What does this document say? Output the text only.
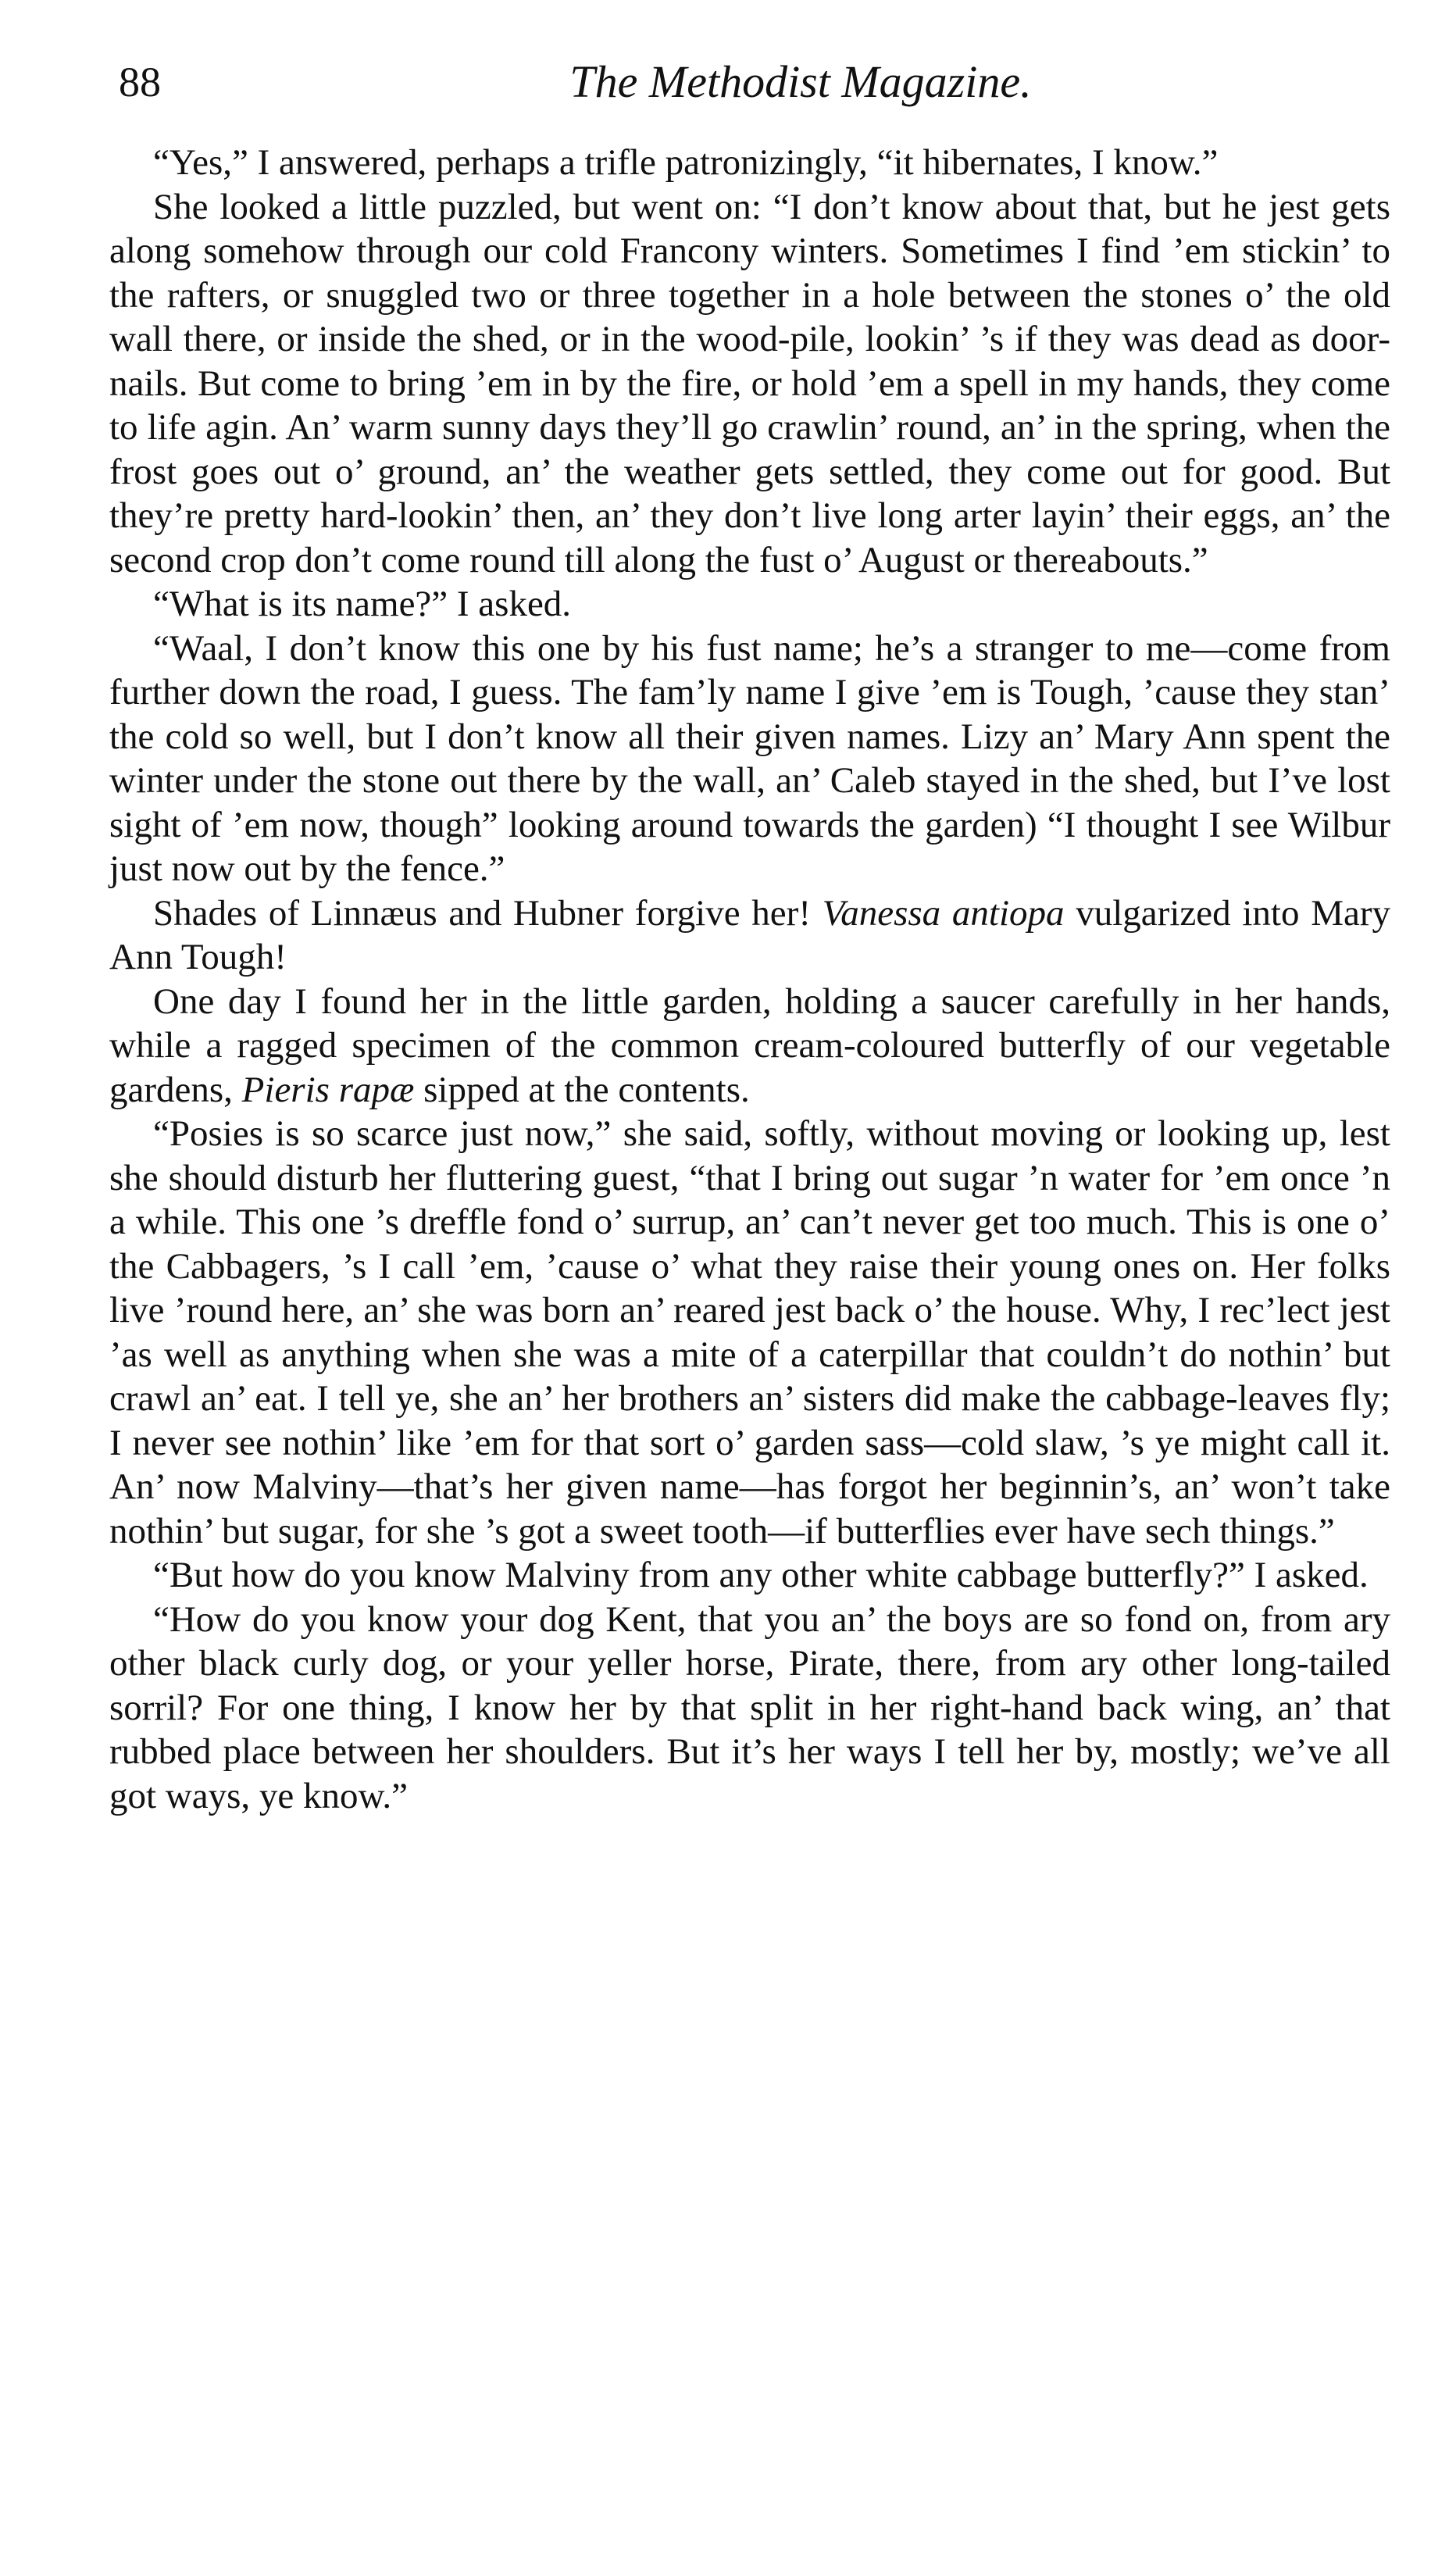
88	The Methodist Magazine.

“Yes,” I answered, perhaps a trifle patronizingly, “it hibernates, I know.”

She looked a little puzzled, but went on: “I don’t know about that, but he jest gets along somehow through our cold Francony winters. Sometimes I find ’em stickin’ to the rafters, or snuggled two or three together in a hole between the stones o’ the old wall there, or inside the shed, or in the wood-pile, lookin’ ’s if they was dead as door-nails. But come to bring ’em in by the fire, or hold ’em a spell in my hands, they come to life agin. An’ warm sunny days they’ll go crawlin’ round, an’ in the spring, when the frost goes out o’ ground, an’ the weather gets settled, they come out for good. But they’re pretty hard-lookin’ then, an’ they don’t live long arter layin’ their eggs, an’ the second crop don’t come round till along the fust o’ August or thereabouts.”

“What is its name?” I asked.

“Waal, I don’t know this one by his fust name; he’s a stranger to me—come from further down the road, I guess. The fam’ly name I give ’em is Tough, ’cause they stan’ the cold so well, but I don’t know all their given names. Lizy an’ Mary Ann spent the winter under the stone out there by the wall, an’ Caleb stayed in the shed, but I’ve lost sight of ’em now, though” looking around towards the garden) “I thought I see Wilbur just now out by the fence.”

Shades of Linnæus and Hubner forgive her! Vanessa antiopa vulgarized into Mary Ann Tough!

One day I found her in the little garden, holding a saucer carefully in her hands, while a ragged specimen of the common cream-coloured butterfly of our vegetable gardens, Pieris rapæ sipped at the contents.

“Posies is so scarce just now,” she said, softly, without moving or looking up, lest she should disturb her fluttering guest, “that I bring out sugar ’n water for ’em once ’n a while. This one ’s dreffle fond o’ surrup, an’ can’t never get too much. This is one o’ the Cabbagers, ’s I call ’em, ’cause o’ what they raise their young ones on. Her folks live ’round here, an’ she was born an’ reared jest back o’ the house. Why, I rec’lect jest ’as well as anything when she was a mite of a caterpillar that couldn’t do nothin’ but crawl an’ eat. I tell ye, she an’ her brothers an’ sisters did make the cabbage-leaves fly; I never see nothin’ like ’em for that sort o’ garden sass—cold slaw, ’s ye might call it. An’ now Malviny—that’s her given name—has forgot her beginnin’s, an’ won’t take nothin’ but sugar, for she ’s got a sweet tooth—if butterflies ever have sech things.”

“But how do you know Malviny from any other white cabbage butterfly?” I asked.

“How do you know your dog Kent, that you an’ the boys are so fond on, from ary other black curly dog, or your yeller horse, Pirate, there, from ary other long-tailed sorril? For one thing, I know her by that split in her right-hand back wing, an’ that rubbed place between her shoulders. But it’s her ways I tell her by, mostly; we’ve all got ways, ye know.”
